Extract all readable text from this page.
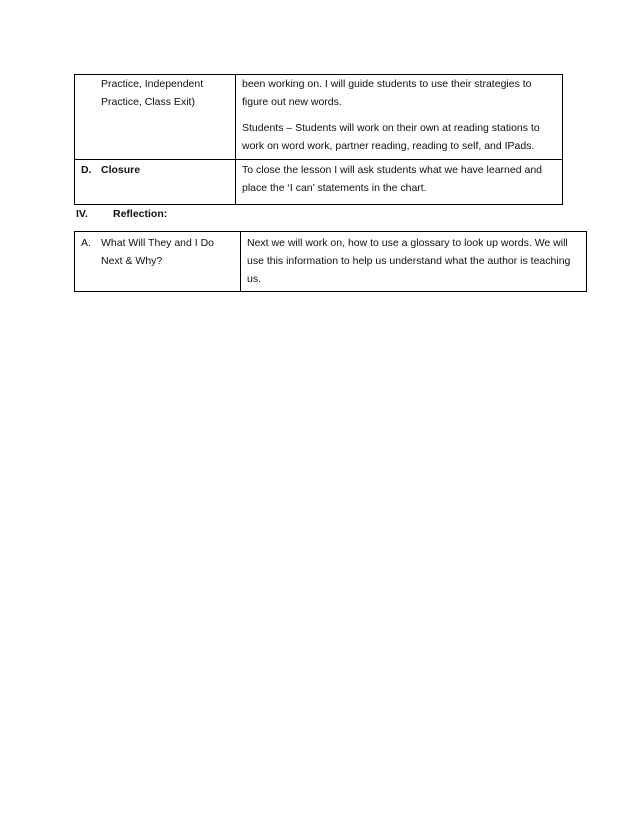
Practice, Independent

Practice, Class Exit)

been working on. I will guide students to use their strategies to

figure out new words.

Students – Students will work on their own at reading stations to

work on word work, partner reading, reading to self, and IPads.

D. Closure	To close the lesson I will ask students what we have learned and

place the ‘I can’ statements in the chart.

IV. Reflection:
A. What Will They and I Do

Next & Why?

Next we will work on, how to use a glossary to look up words. We will

use this information to help us understand what the author is teaching

us.
